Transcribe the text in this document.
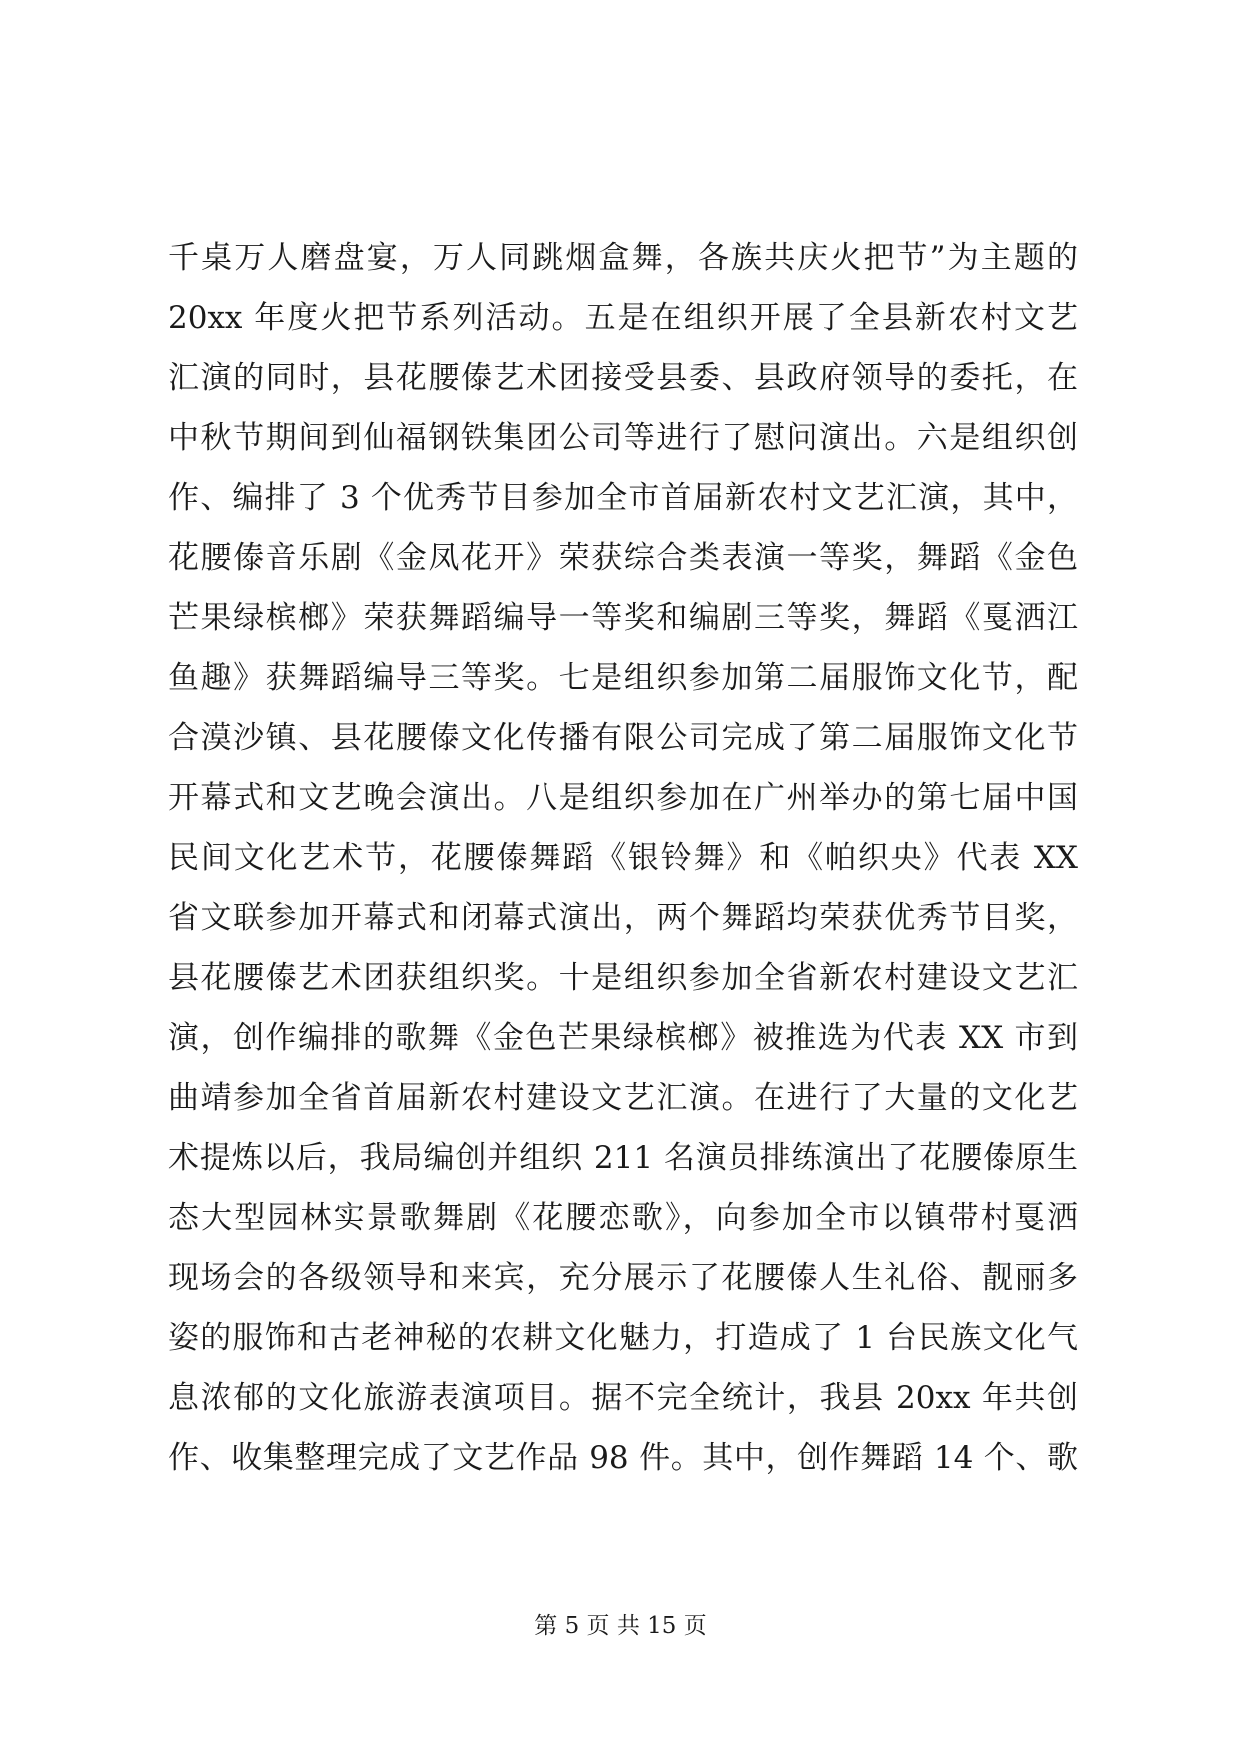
千桌万人磨盘宴，万人同跳烟盒舞，各族共庆火把节”为主题的
20xx 年度火把节系列活动。五是在组织开展了全县新农村文艺
汇演的同时，县花腰傣艺术团接受县委、县政府领导的委托，在
中秋节期间到仙福钢铁集团公司等进行了慰问演出。六是组织创
作、编排了 3 个优秀节目参加全市首届新农村文艺汇演，其中，
花腰傣音乐剧《金凤花开》荣获综合类表演一等奖，舞蹈《金色
芒果绿槟榔》荣获舞蹈编导一等奖和编剧三等奖，舞蹈《戛洒江
鱼趣》获舞蹈编导三等奖。七是组织参加第二届服饰文化节，配
合漠沙镇、县花腰傣文化传播有限公司完成了第二届服饰文化节
开幕式和文艺晚会演出。八是组织参加在广州举办的第七届中国
民间文化艺术节，花腰傣舞蹈《银铃舞》和《帕织央》代表 XX
省文联参加开幕式和闭幕式演出，两个舞蹈均荣获优秀节目奖，
县花腰傣艺术团获组织奖。十是组织参加全省新农村建设文艺汇
演，创作编排的歌舞《金色芒果绿槟榔》被推选为代表 XX 市到
曲靖参加全省首届新农村建设文艺汇演。在进行了大量的文化艺
术提炼以后，我局编创并组织 211 名演员排练演出了花腰傣原生
态大型园林实景歌舞剧《花腰恋歌》，向参加全市以镇带村戛洒
现场会的各级领导和来宾，充分展示了花腰傣人生礼俗、靓丽多
姿的服饰和古老神秘的农耕文化魅力，打造成了 1 台民族文化气
息浓郁的文化旅游表演项目。据不完全统计，我县 20xx 年共创
作、收集整理完成了文艺作品 98 件。其中，创作舞蹈 14 个、歌
第 5 页 共 15 页
